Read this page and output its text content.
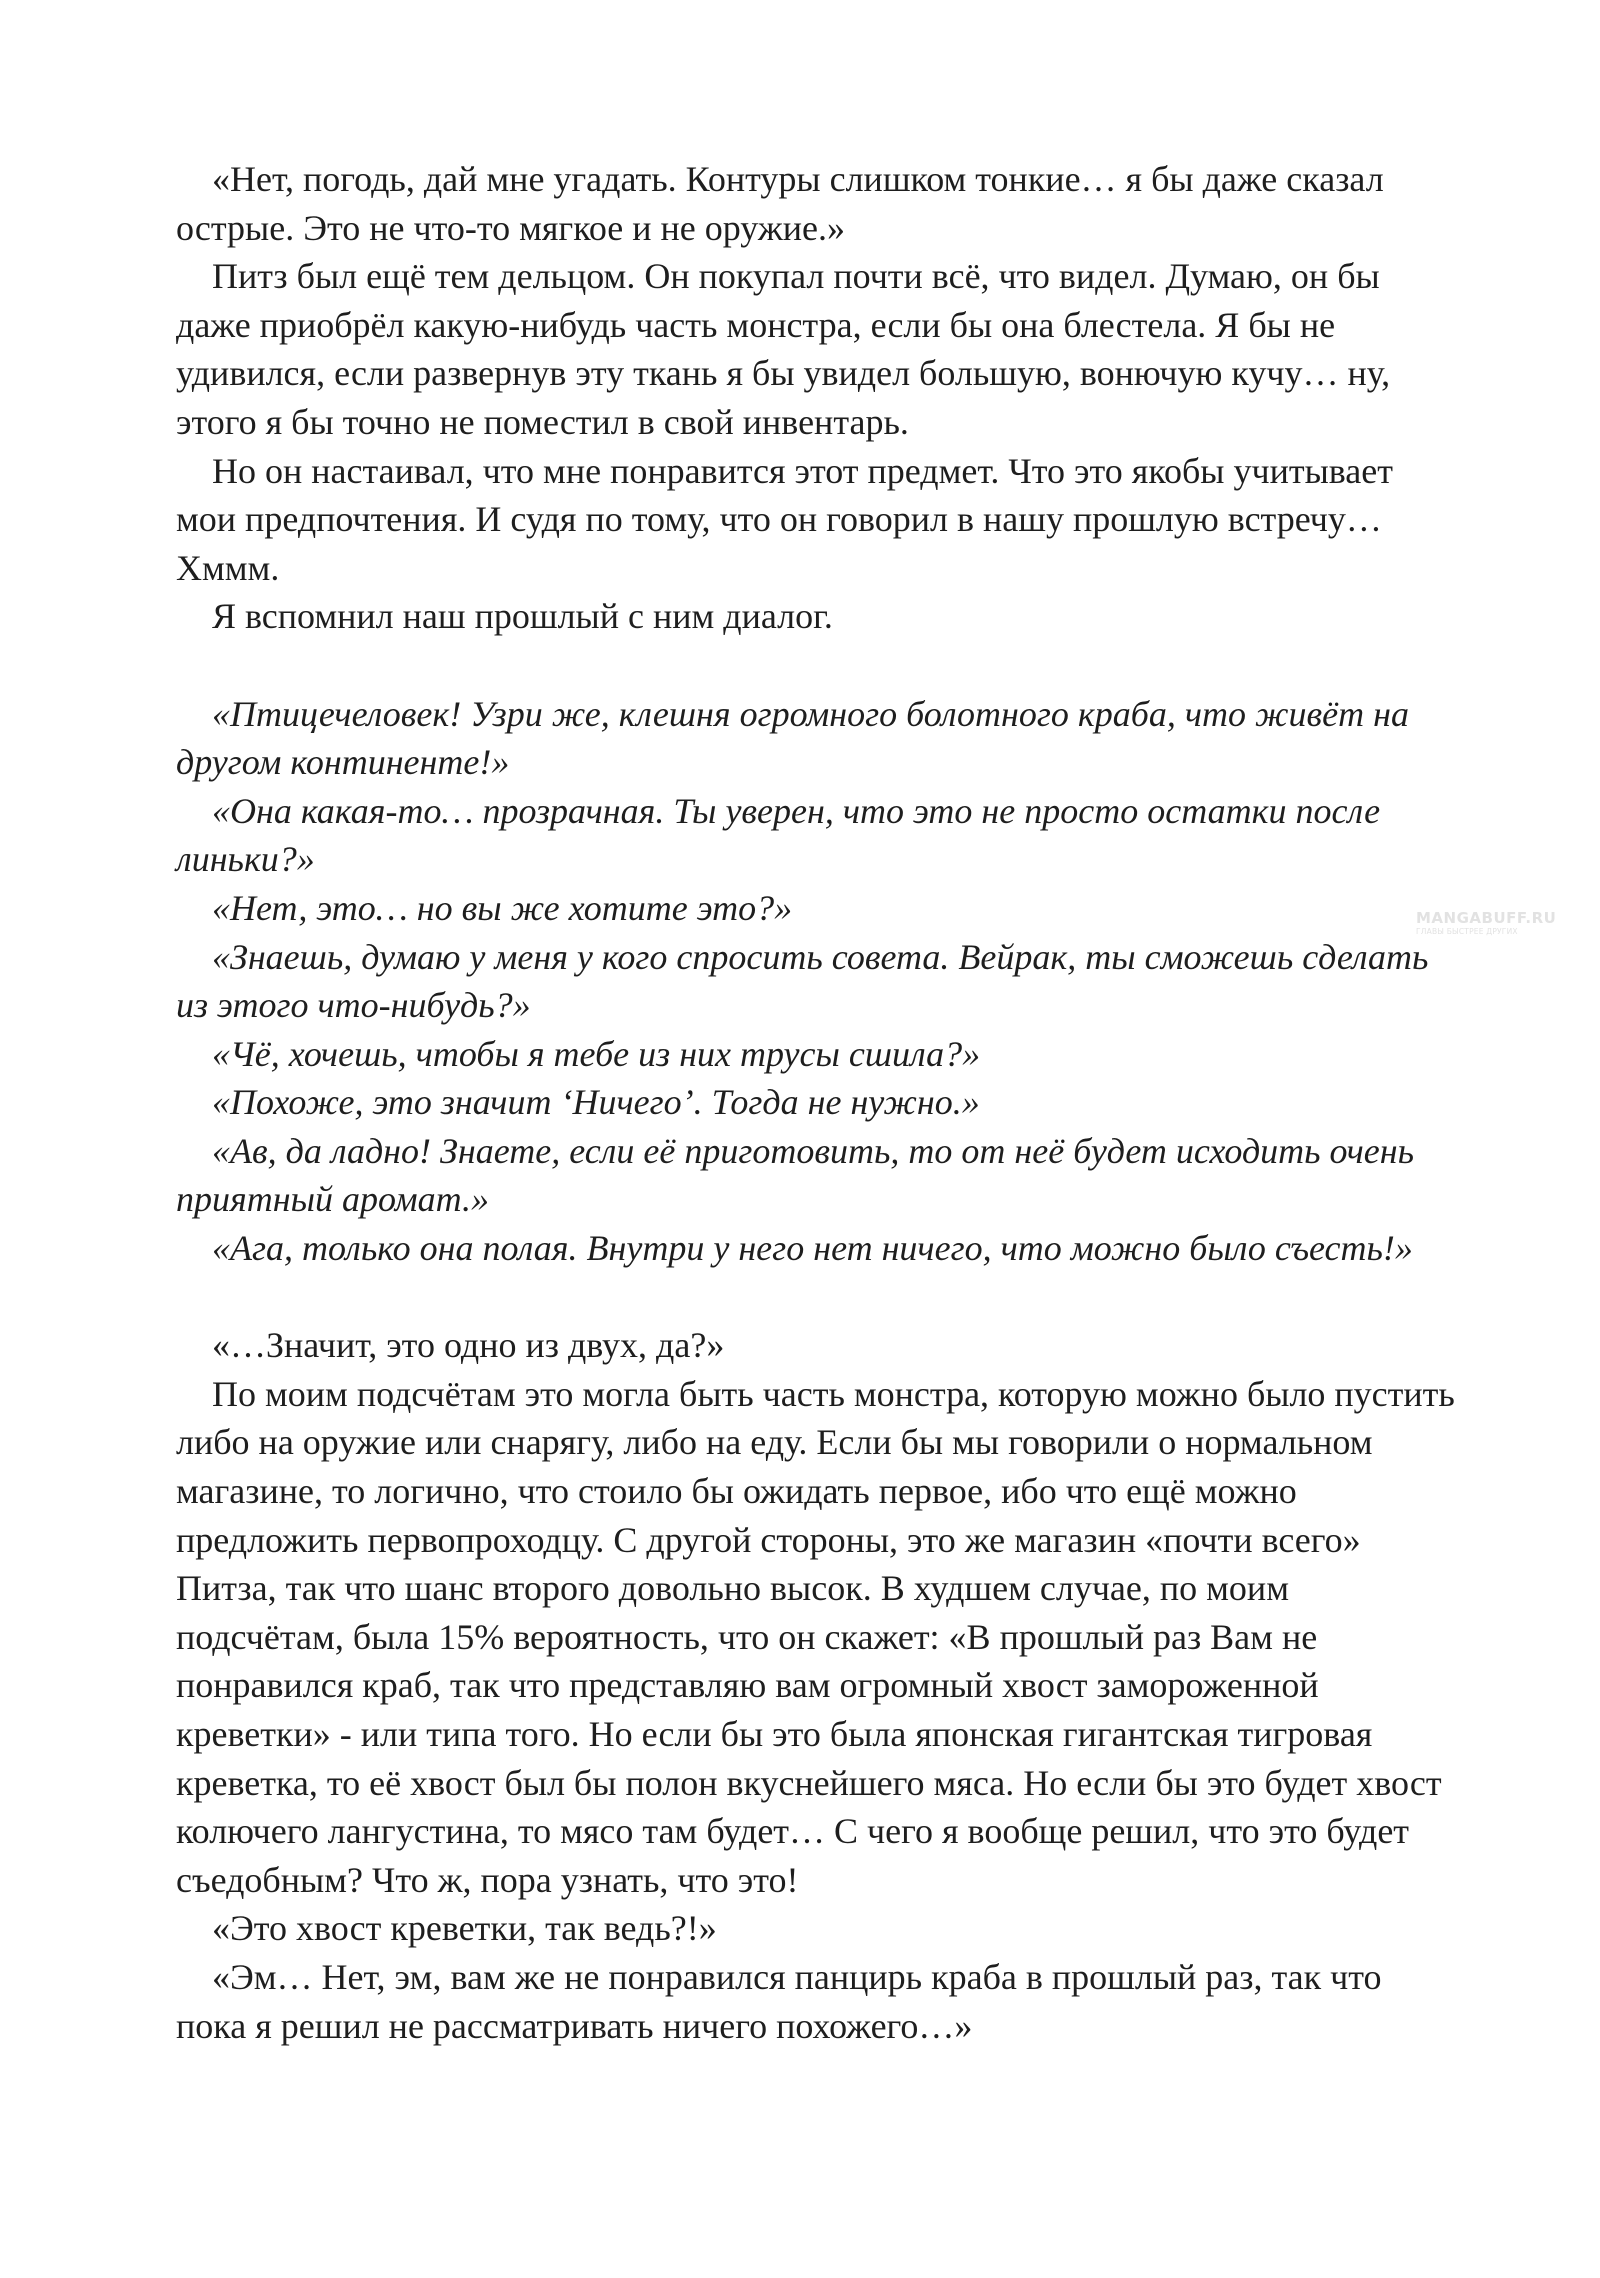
«Нет, погодь, дай мне угадать. Контуры слишком тонкие… я бы даже сказал острые. Это не что-то мягкое и не оружие.»

Питз был ещё тем дельцом. Он покупал почти всё, что видел. Думаю, он бы даже приобрёл какую-нибудь часть монстра, если бы она блестела. Я бы не удивился, если развернув эту ткань я бы увидел большую, вонючую кучу… ну, этого я бы точно не поместил в свой инвентарь.

Но он настаивал, что мне понравится этот предмет. Что это якобы учитывает мои предпочтения. И судя по тому, что он говорил в нашу прошлую встречу… Хммм.

Я вспомнил наш прошлый с ним диалог.

«Птицечеловек! Узри же, клешня огромного болотного краба, что живёт на другом континенте!»

«Она какая-то… прозрачная. Ты уверен, что это не просто остатки после линьки?»

«Нет, это… но вы же хотите это?»

«Знаешь, думаю у меня у кого спросить совета. Вейрак, ты сможешь сделать из этого что-нибудь?»

«Чё, хочешь, чтобы я тебе из них трусы сшила?»

«Похоже, это значит ‘Ничего’. Тогда не нужно.»

«Ав, да ладно! Знаете, если её приготовить, то от неё будет исходить очень приятный аромат.»

«Ага, только она полая. Внутри у него нет ничего, что можно было съесть!»

«…Значит, это одно из двух, да?»

По моим подсчётам это могла быть часть монстра, которую можно было пустить либо на оружие или снарягу, либо на еду. Если бы мы говорили о нормальном магазине, то логично, что стоило бы ожидать первое, ибо что ещё можно предложить первопроходцу. С другой стороны, это же магазин «почти всего» Питза, так что шанс второго довольно высок. В худшем случае, по моим подсчётам, была 15% вероятность, что он скажет: «В прошлый раз Вам не понравился краб, так что представляю вам огромный хвост замороженной креветки» - или типа того. Но если бы это была японская гигантская тигровая креветка, то её хвост был бы полон вкуснейшего мяса. Но если бы это будет хвост колючего лангустина, то мясо там будет… С чего я вообще решил, что это будет съедобным? Что ж, пора узнать, что это!

«Это хвост креветки, так ведь?!»

«Эм… Нет, эм, вам же не понравился панцирь краба в прошлый раз, так что пока я решил не рассматривать ничего похожего…»

MANGABUFF.RU
ГЛАВЫ БЫСТРЕЕ ДРУГИХ
